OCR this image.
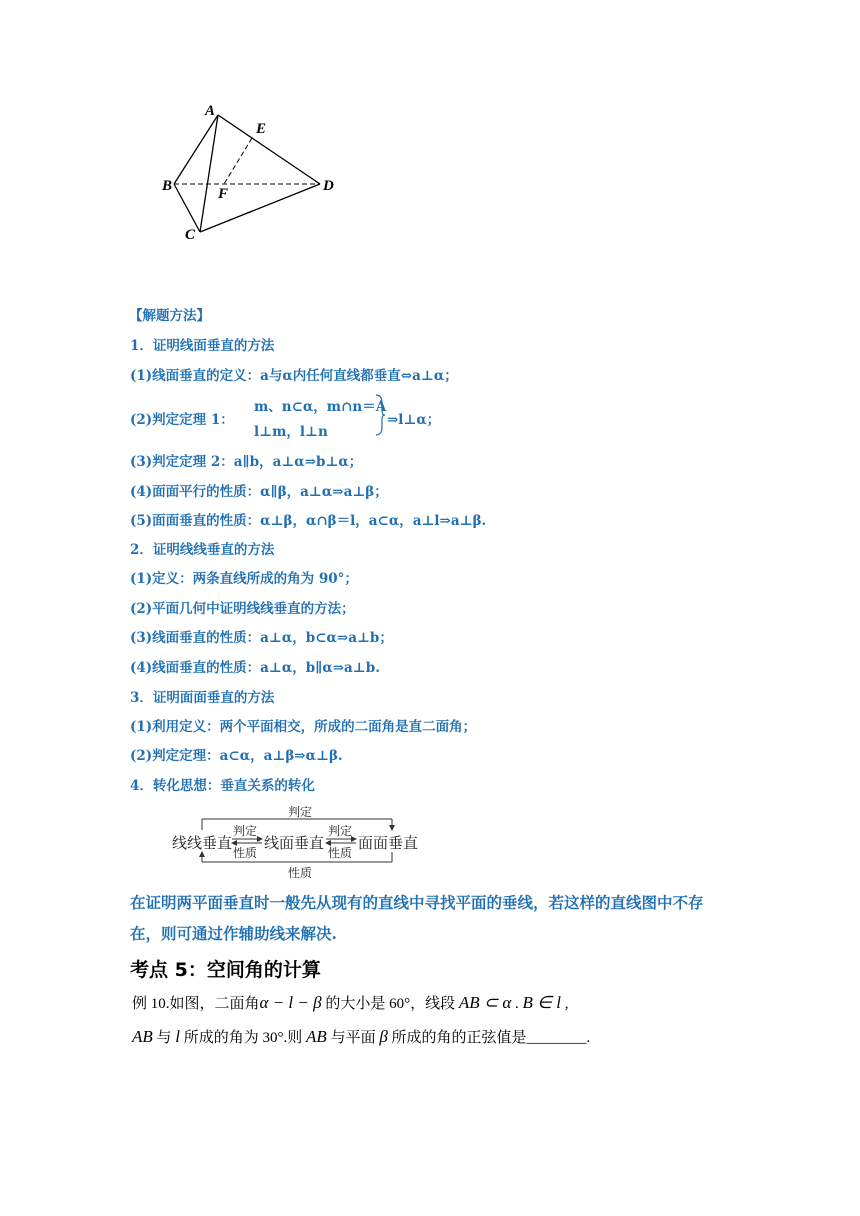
A
E
B	F	D
C
【解题方法】
1．证明线面垂直的方法
(1)线面垂直的定义：a与α内任何直线都垂直⇔a⊥α；
(2)判定定理 1：
m、n⊂α，m∩n＝A
l⊥m，l⊥n
⇒l⊥α；
(3)判定定理 2：a∥b，a⊥α⇒b⊥α；
(4)面面平行的性质：α∥β，a⊥α⇒a⊥β；
(5)面面垂直的性质：α⊥β，α∩β＝l，a⊂α，a⊥l⇒a⊥β.
2．证明线线垂直的方法
(1)定义：两条直线所成的角为 90°；
(2)平面几何中证明线线垂直的方法；
(3)线面垂直的性质：a⊥α，b⊂α⇒a⊥b；
(4)线面垂直的性质：a⊥α，b∥α⇒a⊥b.
3．证明面面垂直的方法
(1)利用定义：两个平面相交，所成的二面角是直二面角；
(2)判定定理：a⊂α，a⊥β⇒α⊥β.
4．转化思想：垂直关系的转化
判定
线线垂直
判定
性质
线面垂直
判定
性质
面面垂直
性质
在证明两平面垂直时一般先从现有的直线中寻找平面的垂线，若这样的直线图中不存
在，则可通过作辅助线来解决.
考点 5：空间角的计算
例 10.如图，二面角α − l − β 的大小是 60°，线段 AB ⊂ α . B ∈ l ,
AB 与 l 所成的角为 30°.则 AB 与平面 β 所成的角的正弦值是________.
